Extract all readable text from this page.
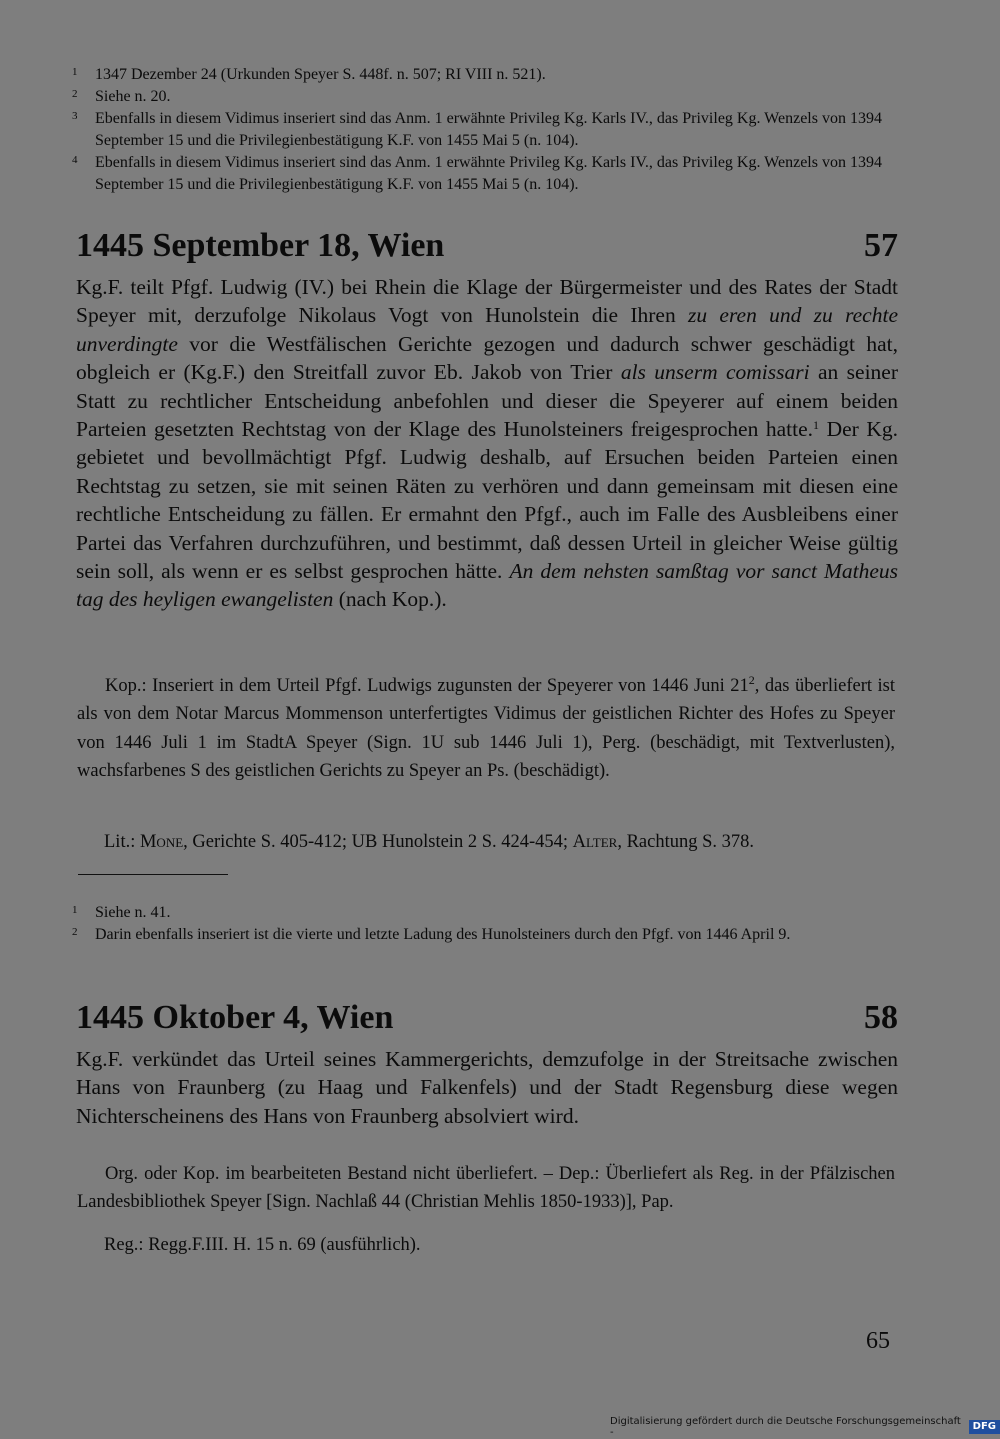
1 1347 Dezember 24 (Urkunden Speyer S. 448f. n. 507; RI VIII n. 521).
2 Siehe n. 20.
3 Ebenfalls in diesem Vidimus inseriert sind das Anm. 1 erwähnte Privileg Kg. Karls IV., das Privileg Kg. Wenzels von 1394 September 15 und die Privilegienbestätigung K.F. von 1455 Mai 5 (n. 104).
4 Ebenfalls in diesem Vidimus inseriert sind das Anm. 1 erwähnte Privileg Kg. Karls IV., das Privileg Kg. Wenzels von 1394 September 15 und die Privilegienbestätigung K.F. von 1455 Mai 5 (n. 104).
1445 September 18, Wien	57
Kg.F. teilt Pfgf. Ludwig (IV.) bei Rhein die Klage der Bürgermeister und des Rates der Stadt Speyer mit, derzufolge Nikolaus Vogt von Hunolstein die Ihren zu eren und zu rechte unverdingte vor die Westfälischen Gerichte gezogen und dadurch schwer geschädigt hat, obgleich er (Kg.F.) den Streitfall zuvor Eb. Jakob von Trier als unserm comissari an seiner Statt zu rechtlicher Entscheidung anbefohlen und dieser die Speyerer auf einem beiden Parteien gesetzten Rechtstag von der Klage des Hunolsteiners freigesprochen hatte.$^1$ Der Kg. gebietet und bevollmächtigt Pfgf. Ludwig deshalb, auf Ersuchen beiden Parteien einen Rechtstag zu setzen, sie mit seinen Räten zu verhören und dann gemeinsam mit diesen eine rechtliche Entscheidung zu fällen. Er ermahnt den Pfgf., auch im Falle des Ausbleibens einer Partei das Verfahren durchzuführen, und bestimmt, daß dessen Urteil in gleicher Weise gültig sein soll, als wenn er es selbst gesprochen hätte. An dem nehsten samßtag vor sanct Matheus tag des heyligen ewangelisten (nach Kop.).
Kop.: Inseriert in dem Urteil Pfgf. Ludwigs zugunsten der Speyerer von 1446 Juni $21^2$, das überliefert ist als von dem Notar Marcus Mommenson unterfertigtes Vidimus der geistlichen Richter des Hofes zu Speyer von 1446 Juli 1 im StadtA Speyer (Sign. 1U sub 1446 Juli 1), Perg. (beschädigt, mit Textverlusten), wachsfarbenes S des geistlichen Gerichts zu Speyer an Ps. (beschädigt).
Lit.: Mone, Gerichte S. 405-412; UB Hunolstein 2 S. 424-454; Alter, Rachtung S. 378.
1 Siehe n. 41.
2 Darin ebenfalls inseriert ist die vierte und letzte Ladung des Hunolsteiners durch den Pfgf. von 1446 April 9.
1445 Oktober 4, Wien	58
Kg.F. verkündet das Urteil seines Kammergerichts, demzufolge in der Streitsache zwischen Hans von Fraunberg (zu Haag und Falkenfels) und der Stadt Regensburg diese wegen Nichterscheinens des Hans von Fraunberg absolviert wird.
Org. oder Kop. im bearbeiteten Bestand nicht überliefert. – Dep.: Überliefert als Reg. in der Pfälzischen Landesbibliothek Speyer [Sign. Nachlaß 44 (Christian Mehlis 1850-1933)], Pap.
Reg.: Regg.F.III. H. 15 n. 69 (ausführlich).
65
Digitalisierung gefördert durch die Deutsche Forschungsgemeinschaft -
DFG
